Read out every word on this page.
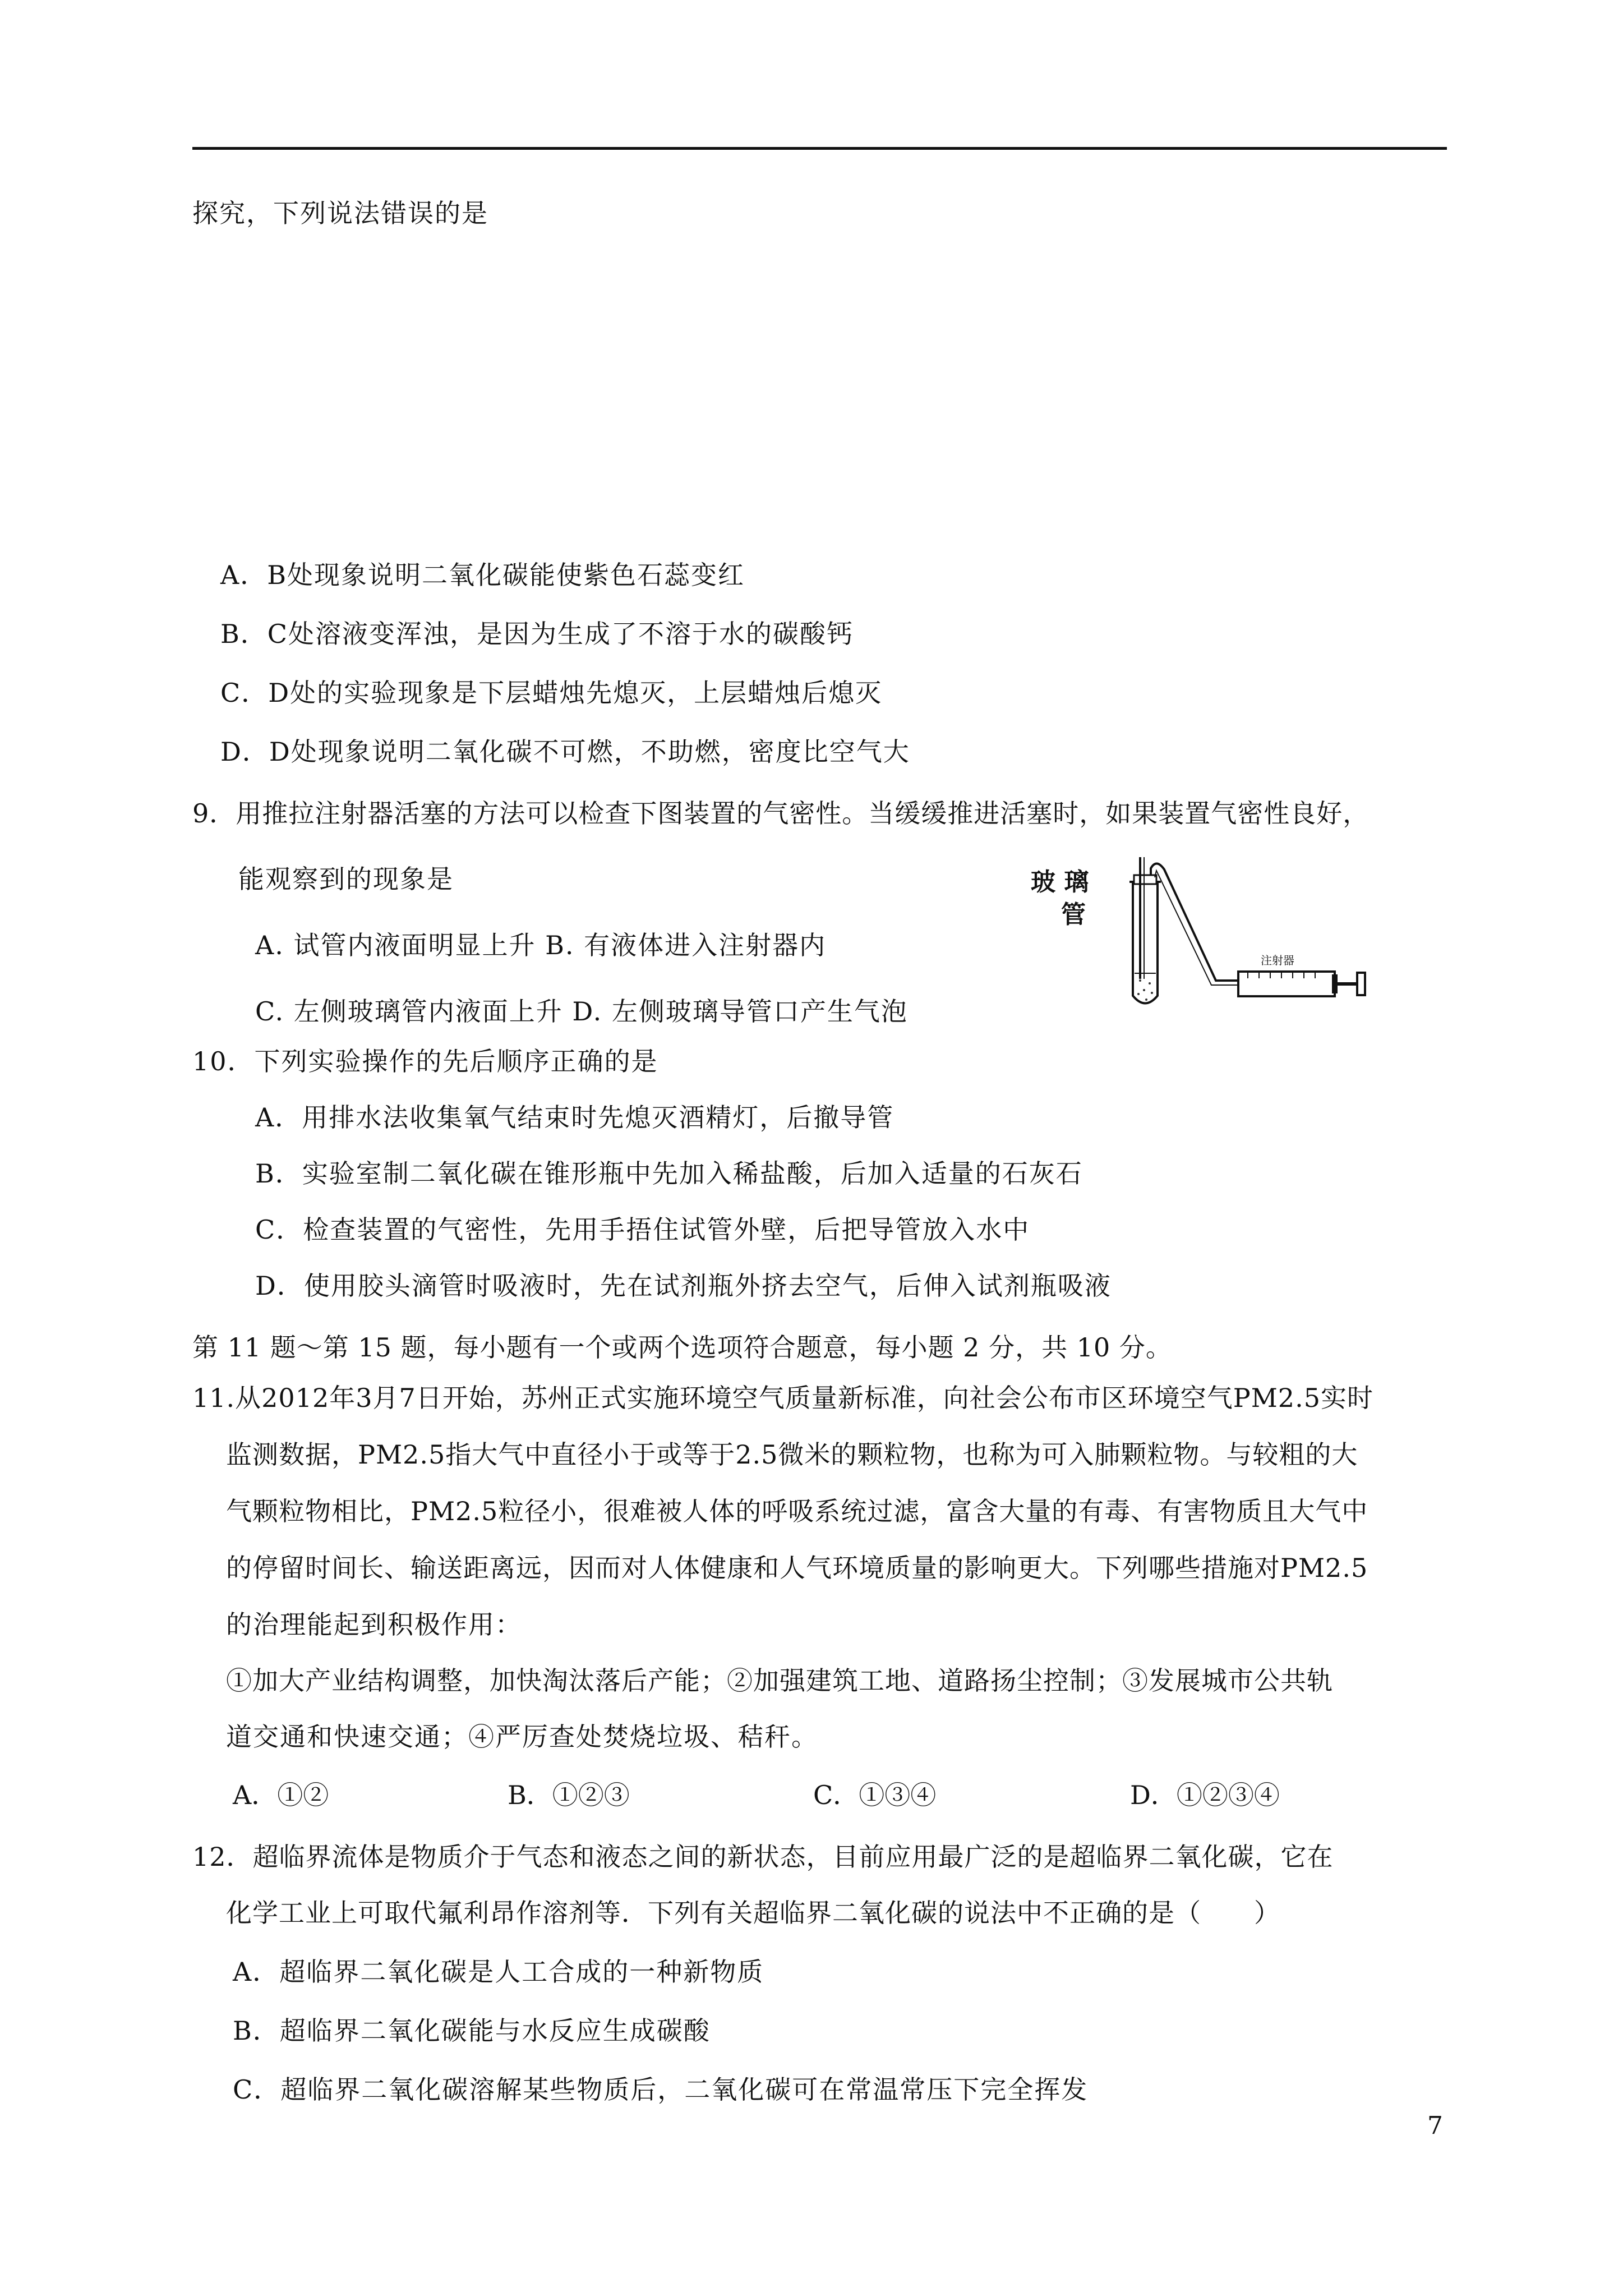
探究，下列说法错误的是
A．B处现象说明二氧化碳能使紫色石蕊变红
B．C处溶液变浑浊，是因为生成了不溶于水的碳酸钙
C．D处的实验现象是下层蜡烛先熄灭，上层蜡烛后熄灭
D．D处现象说明二氧化碳不可燃，不助燃，密度比空气大
9．用推拉注射器活塞的方法可以检查下图装置的气密性。当缓缓推进活塞时，如果装置气密性良好，
能观察到的现象是
A. 试管内液面明显上升 B. 有液体进入注射器内
C. 左侧玻璃管内液面上升 D. 左侧玻璃导管口产生气泡
玻 璃
管
注射器
10．下列实验操作的先后顺序正确的是
A．用排水法收集氧气结束时先熄灭酒精灯，后撤导管
B．实验室制二氧化碳在锥形瓶中先加入稀盐酸，后加入适量的石灰石
C．检查装置的气密性，先用手捂住试管外壁，后把导管放入水中
D．使用胶头滴管时吸液时，先在试剂瓶外挤去空气，后伸入试剂瓶吸液
第 11 题～第 15 题，每小题有一个或两个选项符合题意，每小题 2 分，共 10 分。
11.从2012年3月7日开始，苏州正式实施环境空气质量新标准，向社会公布市区环境空气PM2.5实时
监测数据，PM2.5指大气中直径小于或等于2.5微米的颗粒物，也称为可入肺颗粒物。与较粗的大
气颗粒物相比，PM2.5粒径小，很难被人体的呼吸系统过滤，富含大量的有毒、有害物质且大气中
的停留时间长、输送距离远，因而对人体健康和人气环境质量的影响更大。下列哪些措施对PM2.5
的治理能起到积极作用：
①加大产业结构调整，加快淘汰落后产能；②加强建筑工地、道路扬尘控制；③发展城市公共轨
道交通和快速交通；④严厉查处焚烧垃圾、秸秆。
A．①②	B．①②③	C．①③④	D．①②③④
12．超临界流体是物质介于气态和液态之间的新状态，目前应用最广泛的是超临界二氧化碳，它在
化学工业上可取代氟利昂作溶剂等．下列有关超临界二氧化碳的说法中不正确的是（　　）
A．超临界二氧化碳是人工合成的一种新物质
B．超临界二氧化碳能与水反应生成碳酸
C．超临界二氧化碳溶解某些物质后，二氧化碳可在常温常压下完全挥发
7
